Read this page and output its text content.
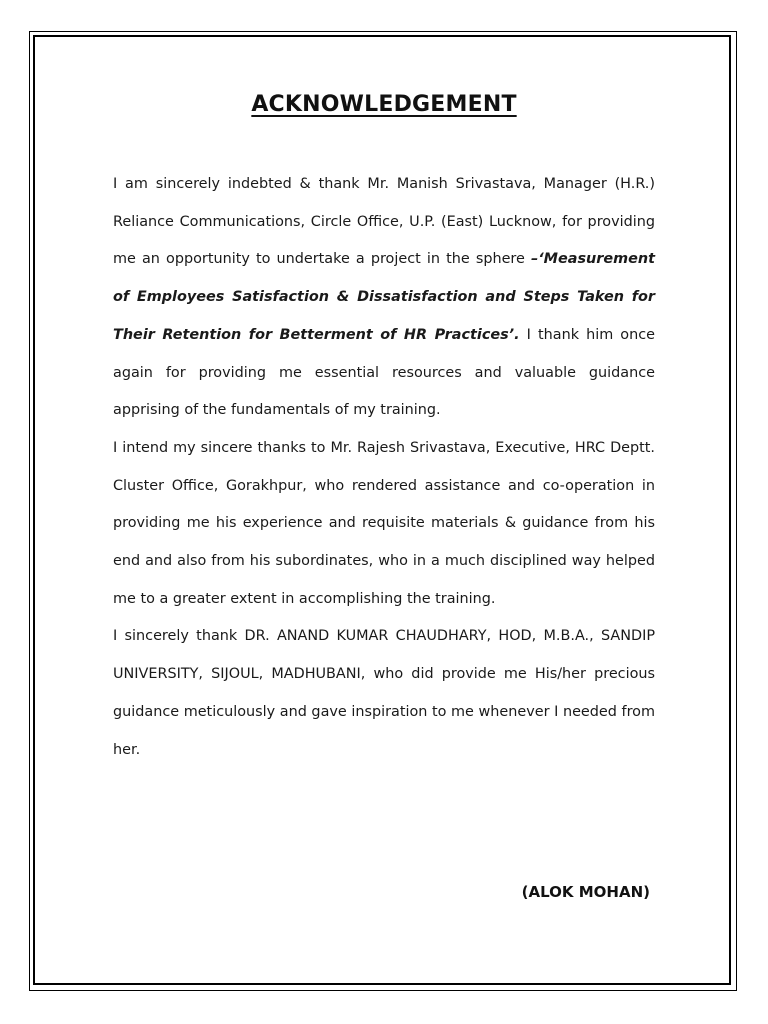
ACKNOWLEDGEMENT

I am sincerely indebted & thank Mr. Manish Srivastava, Manager (H.R.) Reliance Communications, Circle Office, U.P. (East) Lucknow, for providing me an opportunity to undertake a project in the sphere –‘Measurement of Employees Satisfaction & Dissatisfaction and Steps Taken for Their Retention for Betterment of HR Practices’. I thank him once again for providing me essential resources and valuable guidance apprising of the fundamentals of my training.

I intend my sincere thanks to Mr. Rajesh Srivastava, Executive, HRC Deptt. Cluster Office, Gorakhpur, who rendered assistance and co-operation in providing me his experience and requisite materials & guidance from his end and also from his subordinates, who in a much disciplined way helped me to a greater extent in accomplishing the training.

I sincerely thank DR. ANAND KUMAR CHAUDHARY, HOD, M.B.A., SANDIP UNIVERSITY, SIJOUL, MADHUBANI, who did provide me His/her precious guidance meticulously and gave inspiration to me whenever I needed from her.

(ALOK MOHAN)
